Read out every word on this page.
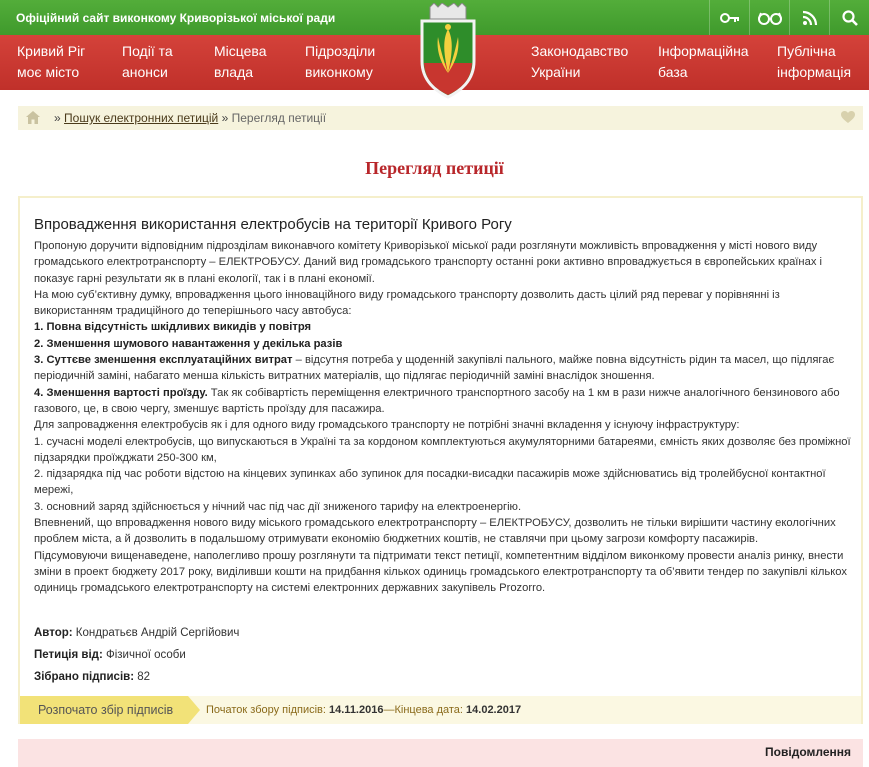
Офіційний сайт виконкому Криворізької міської ради
Кривий Ріг
моє місто
Події та
анонси
Місцева
влада
Підрозділи
виконкому
Законодавство
України
Інформаційна
база
Публічна
інформація
» Пошук електронних петицій » Перегляд петиції
Перегляд петиції
Впровадження використання електробусів на території Кривого Рогу

Пропоную доручити відповідним підрозділам виконавчого комітету Криворізької міської ради розглянути можливість впровадження у місті нового виду громадського електротранспорту – ЕЛЕКТРОБУСУ. Даний вид громадського транспорту останні роки активно впроваджується в європейських країнах і показує гарні результати як в плані екології, так і в плані економії.

На мою суб’єктивну думку, впровадження цього інноваційного виду громадського транспорту дозволить дасть цілий ряд переваг у порівнянні із використанням традиційного до теперішнього часу автобуса:

1. Повна відсутність шкідливих викидів у повітря

2. Зменшення шумового навантаження у декілька разів

3. Суттєве зменшення експлуатаційних витрат – відсутня потреба у щоденній закупівлі пального, майже повна відсутність рідин та масел, що підлягає періодичній заміні, набагато менша кількість витратних матеріалів, що підлягає періодичній заміні внаслідок зношення.

4. Зменшення вартості проїзду. Так як собівартість переміщення електричного транспортного засобу на 1 км в рази нижче аналогічного бензинового або газового, це, в свою чергу, зменшує вартість проїзду для пасажира.

Для запровадження електробусів як і для одного виду громадського транспорту не потрібні значні вкладення у існуючу інфраструктуру:

1. сучасні моделі електробусів, що випускаються в Україні та за кордоном комплектуються акумуляторними батареями, ємність яких дозволяє без проміжної підзарядки проїжджати 250-300 км,

2. підзарядка під час роботи відстою на кінцевих зупинках або зупинок для посадки-висадки пасажирів може здійснюватись від тролейбусної контактної мережі,

3. основний заряд здійснюється у нічний час під час дії зниженого тарифу на електроенергію.

Впевнений, що впровадження нового виду міського громадського електротранспорту – ЕЛЕКТРОБУСУ, дозволить не тільки вирішити частину екологічних проблем міста, а й дозволить в подальшому отримувати економію бюджетних коштів, не ставлячи при цьому загрози комфорту пасажирів.

Підсумовуючи вищенаведене, наполегливо прошу розглянути та підтримати текст петиції, компетентним відділом виконкому провести аналіз ринку, внести зміни в проект бюджету 2017 року, виділивши кошти на придбання кількох одиниць громадського електротранспорту та об’явити тендер по закупівлі кількох одиниць громадського електротранспорту на системі електронних державних закупівель Prozorro.

Автор: Кондратьєв Андрій Сергійович
Петиція від: Фізичної особи
Зібрано підписів: 82
Розпочато збір підписів	Початок збору підписів: 14.11.2016—Кінцева дата: 14.02.2017
Повідомлення
